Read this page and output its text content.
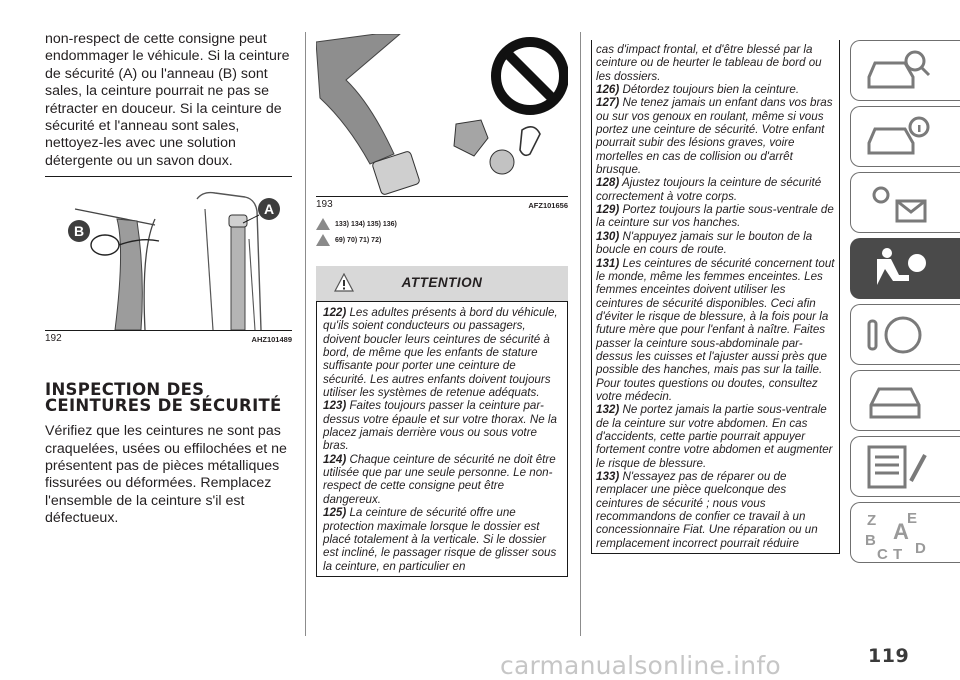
non-respect de cette consigne peut endommager le véhicule. Si la ceinture de sécurité (A) ou l'anneau (B) sont sales, la ceinture pourrait ne pas se rétracter en douceur. Si la ceinture de sécurité et l'anneau sont sales, nettoyez-les avec une solution détergente ou un savon doux.

B
A
192	AHZ101489
INSPECTION DES CEINTURES DE SÉCURITÉ

Vérifiez que les ceintures ne sont pas craquelées, usées ou effilochées et ne présentent pas de pièces métalliques fissurées ou déformées. Remplacez l'ensemble de la ceinture s'il est défectueux.

193	AFZ101656
133) 134) 135) 136)
69) 70) 71) 72)
ATTENTION

122) Les adultes présents à bord du véhicule, qu'ils soient conducteurs ou passagers, doivent boucler leurs ceintures de sécurité à bord, de même que les enfants de stature suffisante pour porter une ceinture de sécurité. Les autres enfants doivent toujours utiliser les systèmes de retenue adéquats.

123) Faites toujours passer la ceinture par-dessus votre épaule et sur votre thorax. Ne la placez jamais derrière vous ou sous votre bras.

124) Chaque ceinture de sécurité ne doit être utilisée que par une seule personne. Le non-respect de cette consigne peut être dangereux.

125) La ceinture de sécurité offre une protection maximale lorsque le dossier est placé totalement à la verticale. Si le dossier est incliné, le passager risque de glisser sous la ceinture, en particulier en

cas d'impact frontal, et d'être blessé par la ceinture ou de heurter le tableau de bord ou les dossiers.

126) Détordez toujours bien la ceinture.

127) Ne tenez jamais un enfant dans vos bras ou sur vos genoux en roulant, même si vous portez une ceinture de sécurité. Votre enfant pourrait subir des lésions graves, voire mortelles en cas de collision ou d'arrêt brusque.

128) Ajustez toujours la ceinture de sécurité correctement à votre corps.

129) Portez toujours la partie sous-ventrale de la ceinture sur vos hanches.

130) N'appuyez jamais sur le bouton de la boucle en cours de route.

131) Les ceintures de sécurité concernent tout le monde, même les femmes enceintes. Les femmes enceintes doivent utiliser les ceintures de sécurité disponibles. Ceci afin d'éviter le risque de blessure, à la fois pour la future mère que pour l'enfant à naître. Faites passer la ceinture sous-abdominale par-dessus les cuisses et l'ajuster aussi près que possible des hanches, mais pas sur la taille. Pour toutes questions ou doutes, consultez votre médecin.

132) Ne portez jamais la partie sous-ventrale de la ceinture sur votre abdomen. En cas d'accidents, cette partie pourrait appuyer fortement contre votre abdomen et augmenter le risque de blessure.

133) N'essayez pas de réparer ou de remplacer une pièce quelconque des ceintures de sécurité ; nous vous recommandons de confier ce travail à un concessionnaire Fiat. Une réparation ou un remplacement incorrect pourrait réduire

Z E
B A
C T D
carmanualsonline.info	119
